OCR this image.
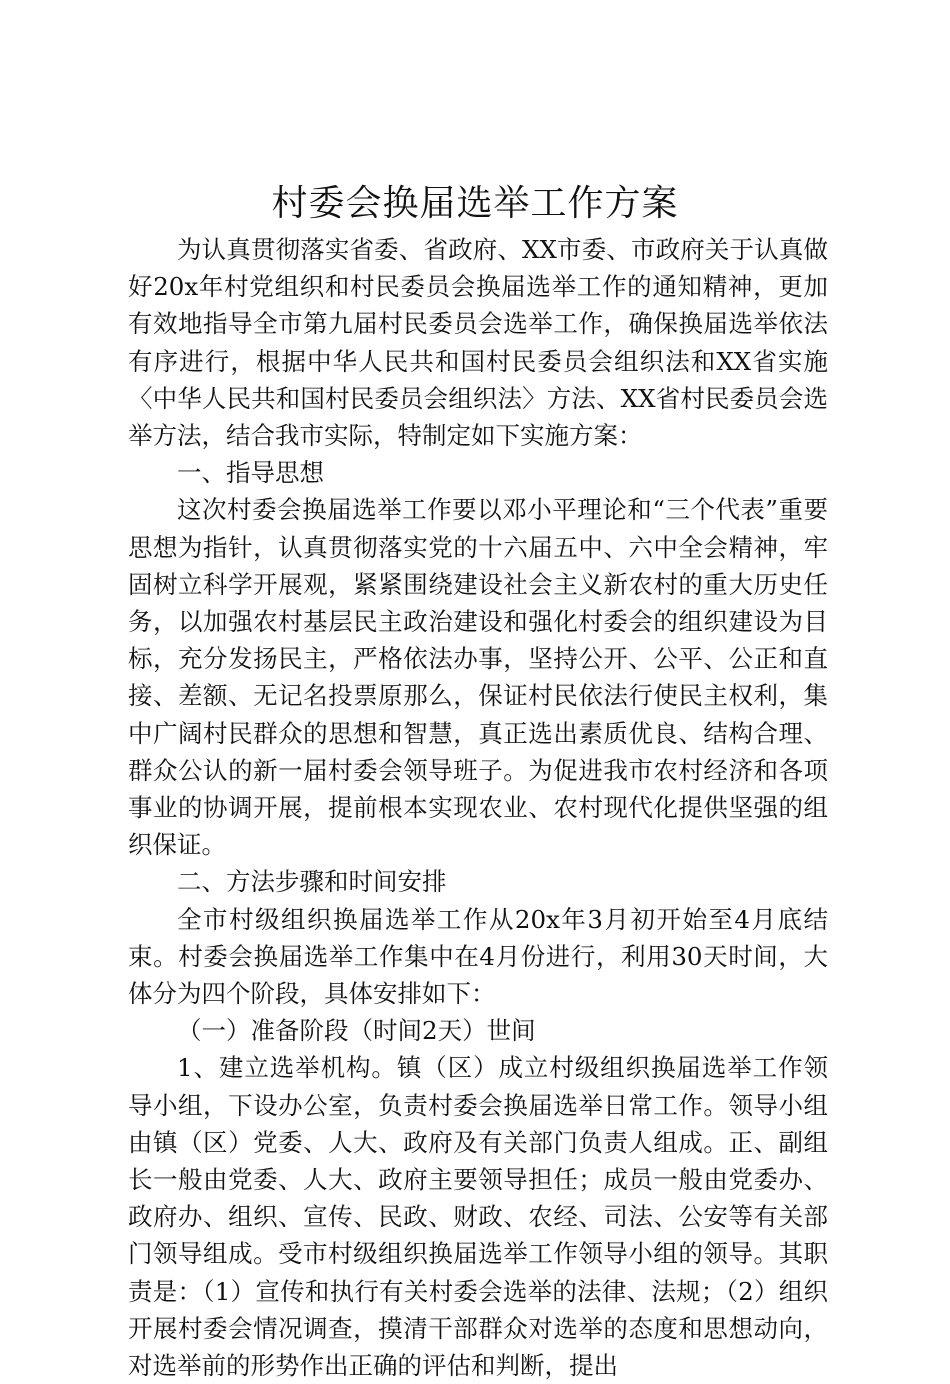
村委会换届选举工作方案

为认真贯彻落实省委、省政府、XX市委、市政府关于认真做好20x年村党组织和村民委员会换届选举工作的通知精神，更加有效地指导全市第九届村民委员会选举工作，确保换届选举依法有序进行，根据中华人民共和国村民委员会组织法和XX省实施〈中华人民共和国村民委员会组织法〉方法、XX省村民委员会选举方法，结合我市实际，特制定如下实施方案：

一、指导思想

这次村委会换届选举工作要以邓小平理论和“三个代表”重要思想为指针，认真贯彻落实党的十六届五中、六中全会精神，牢固树立科学开展观，紧紧围绕建设社会主义新农村的重大历史任务，以加强农村基层民主政治建设和强化村委会的组织建设为目标，充分发扬民主，严格依法办事，坚持公开、公平、公正和直接、差额、无记名投票原那么，保证村民依法行使民主权利，集中广阔村民群众的思想和智慧，真正选出素质优良、结构合理、群众公认的新一届村委会领导班子。为促进我市农村经济和各项事业的协调开展，提前根本实现农业、农村现代化提供坚强的组织保证。

二、方法步骤和时间安排

全市村级组织换届选举工作从20x年3月初开始至4月底结束。村委会换届选举工作集中在4月份进行，利用30天时间，大体分为四个阶段，具体安排如下：

（一）准备阶段（时间2天）世间

1、建立选举机构。镇（区）成立村级组织换届选举工作领导小组，下设办公室，负责村委会换届选举日常工作。领导小组由镇（区）党委、人大、政府及有关部门负责人组成。正、副组长一般由党委、人大、政府主要领导担任；成员一般由党委办、政府办、组织、宣传、民政、财政、农经、司法、公安等有关部门领导组成。受市村级组织换届选举工作领导小组的领导。其职责是：（1）宣传和执行有关村委会选举的法律、法规；（2）组织开展村委会情况调查，摸清干部群众对选举的态度和思想动向，对选举前的形势作出正确的评估和判断，提出
